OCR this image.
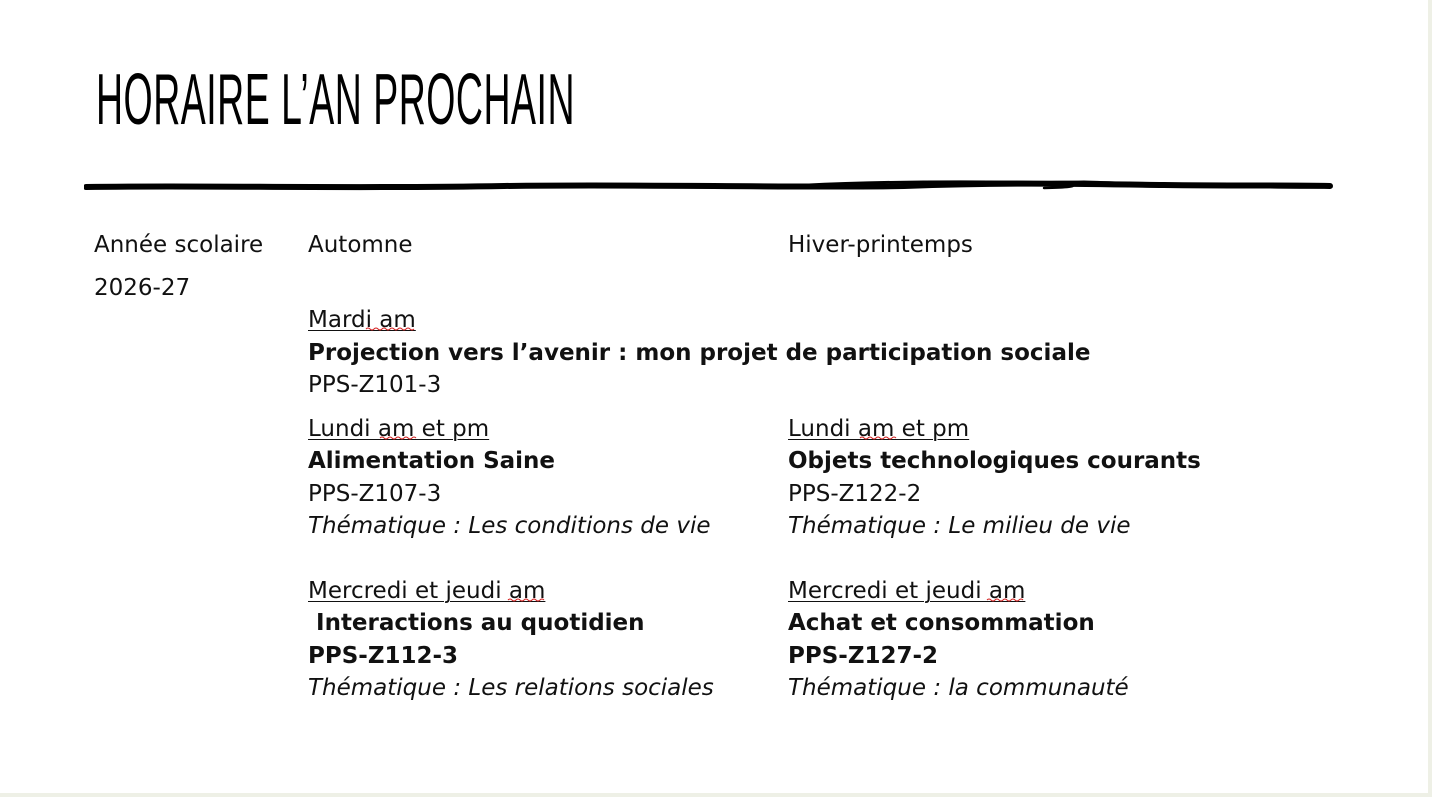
HORAIRE L’AN PROCHAIN

Année scolaire

2026-27

Automne	Hiver-printemps

Mardi am

Projection vers l’avenir : mon projet de participation sociale

PPS-Z101-3

Lundi am et pm

Alimentation Saine

PPS-Z107-3

Thématique : Les conditions de vie

Lundi am et pm

Objets technologiques courants

PPS-Z122-2

Thématique : Le milieu de vie

Mercredi et jeudi am

Interactions au quotidien

PPS-Z112-3

Thématique : Les relations sociales

Mercredi et jeudi am

Achat et consommation

PPS-Z127-2

Thématique : la communauté
